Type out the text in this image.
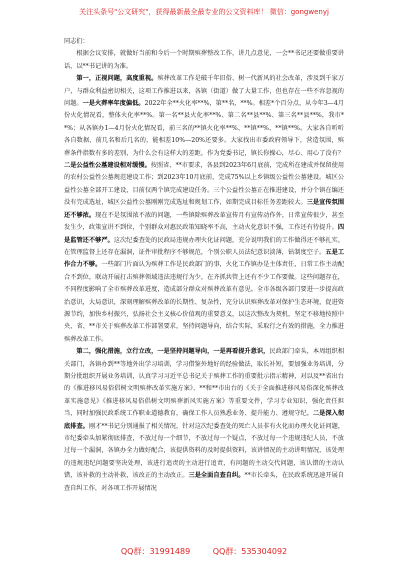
关注头条号"公文研究"，获得最新最全最专业的公文资料库！ 微信：gongwenyj

同志们：

根据会议安排，就做好当前和今后一个时期殡葬整改工作，讲几点意见，一会**书记还要做重要讲话，以**书记讲的为准。

第一，正视问题，高度重视。殡葬改革工作是破千年旧俗、树一代新风的社会改革，涉及到千家万户，与群众利益密切相关，这项工作推进以来，各镇（街道）做了大量工作，但也存在一些不容忽视的问题。一是火葬率年度偏低。2022年全**火化率**%，第**名，**%。相差*个百分点，从今年3—4月份火化情况看，整体火化率**%。第一名**县火化率**%、第二名**县**%、第三名**县**%，我市**%；从各镇办1—4月份火化情况看，前三名的**镇火化率**%、**镇**%、**镇**%。大家各自听听各自数据，前几名和后几名的，能相差10%—20%还要多。大家找出市委政府领导下，营造氛围，殡葬条件指数有多的差别，为什么会有这样大的差距，作为党委书记，镇长你操心，尽心、用心了没有？二是公益性公墓建设相对缓慢。按照省、**市要求，各县到2023年6月底前，完成所在建成并保留使用的农村公益性公墓规范建设工作；到2023年10月底前，完成75%以上乡镇级公益性公墓建设。城区公益性公墓全部开工建设，目前仅两个镇完成建设任务。三个公益性公墓正在推进建设，并分个镇在编还没有完成选址，城区公益性公墓刚刚完成选址和规划工作，如期完成目标任务差距较大。三是宣传氛围还不够浓。现在不是氛围浓不浓的问题，一些镇除殡葬改革宣传月有宣传动作外，日常宣传很少，甚至发生少，政策宣讲不到位，个别群众对惠民政策知晓率不高，主动火化意识不强，工作还有待提升。四是监管还不够严。这次纪委查处的民政局违规办理火化证问题，充分说明我们的工作做得还不够扎实，在管理监督上还存在漏洞，证件审批程序不够规范，个别公职人员法纪意识淡薄，钻制度空子。五是工作合力不够。一些部门片面认为殡葬工作是民政部门的事，火化工作镇办是主体责任，日常工作主动配合不到位，联动开展打击殡葬领域违法违规行为少，在齐抓共管上还有不少工作要做。这些问题存在，不同程度影响了全市殡葬改革进度，造成部分群众对殡葬改革有意见。全市各级各部门要进一步提高政治意识，大局意识，深刻理解殡葬改革的长期性、复杂性，充分认识殡葬改革对保护生态环境，促进资源节约，加快乡村振兴，弘扬社会主义核心价值观的重要意义，以这次整改为契机，坚定不移地按照中央、省、**市关于殡葬改革工作部署要求，坚持问题导向，结合实际，采取行之有效的措施，全力推进殡葬改革工作。

第二，强化措施，立行立改，一是坚持问题导向，一是再看提升意识，民政部门牵头，本周组织相关部门，各镇办到**等地外出学习培训，学习借鉴外地好的经验做法，取长补短，要加强业务培训，分期分批组织开展业务培训，认真学习习近平总书记关于殡葬工作的重要批示指示精神，对以及**省出台的《推进移风易俗倡树文明殡葬改革实施方案》、**和**市出台的《关于全面推进移风易俗深化殡葬改革实施意见》《推进移风易俗倡树文明殡葬新风实施方案》等重要文件，学习专业知识，强化责任担当，同时加强民政系统工作职业道德教育，确保工作人员熟悉业务、提升能力、遵规守纪。二是深入彻底排查。刚才**书记分别通报了相关情况，针对这次纪委查处的死亡人员非有火化而办理火化证问题，市纪委牵头加紧彻底排查，不放过每一个细节，不放过每一个疑点，不放过每一个违规违纪人员，不放过每一个漏洞，各镇办全力做好配合，该提供资料的及时提供资料，该讲情况的主动讲明情况，该处理的违规违纪问题要坚决处理，该进行追责的主动进行追责，有问题的主动交代问题，该认错的主动认错，该补救的主动补救，该改正的主动改正。三是全面自查自纠。**市长牵头，在民政系统迅速开展自查自纠工作，对各项工作开展情况

QQ群：31991489	QQ群：535304092
